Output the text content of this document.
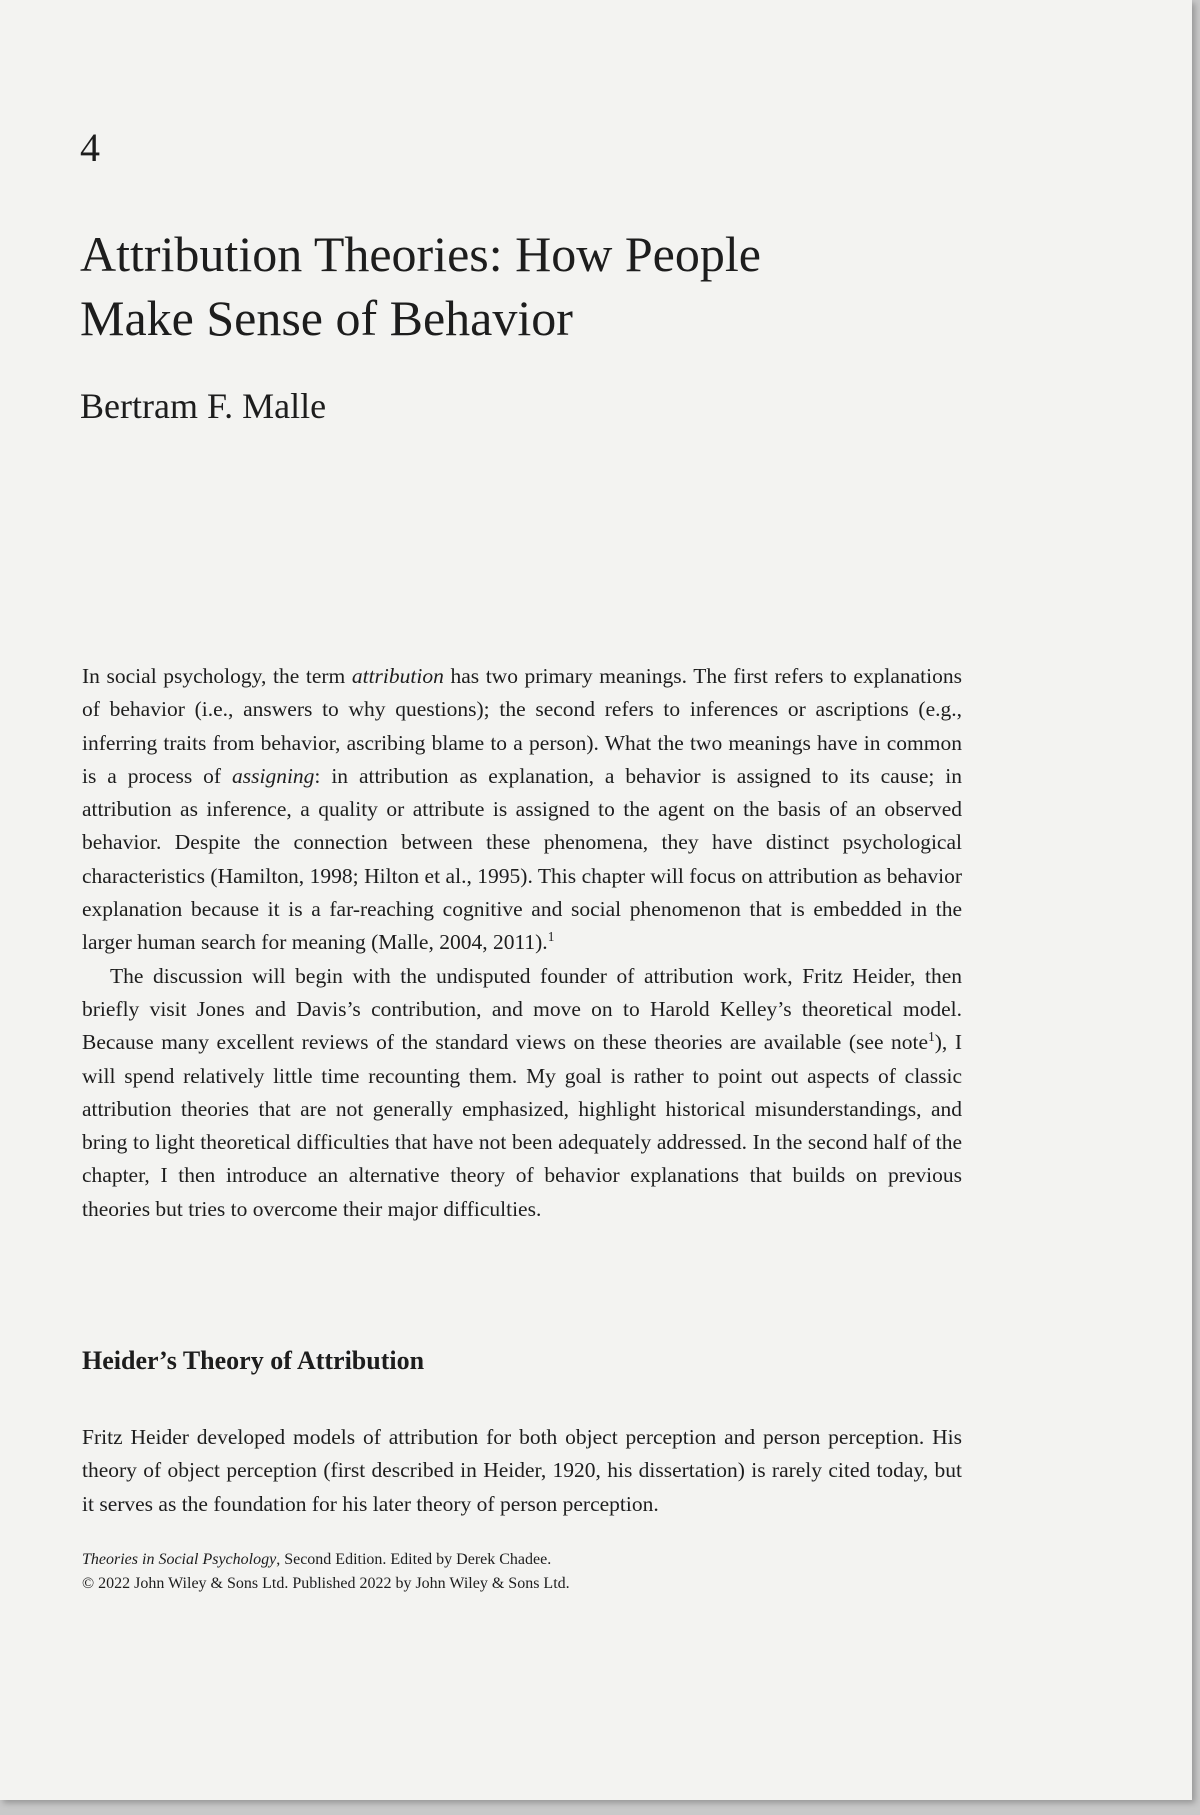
4
Attribution Theories: How People
Make Sense of Behavior
Bertram F. Malle

In social psychology, the term attribution has two primary meanings. The first refers to explanations of behavior (i.e., answers to why questions); the second refers to inferences or ascriptions (e.g., inferring traits from behavior, ascribing blame to a person). What the two meanings have in common is a process of assigning: in attribution as explanation, a behavior is assigned to its cause; in attribution as inference, a quality or attribute is assigned to the agent on the basis of an observed behavior. Despite the connection between these phenomena, they have distinct psychological characteristics (Hamilton, 1998; Hilton et al., 1995). This chapter will focus on attribution as behavior explanation because it is a far-reaching cognitive and social phenomenon that is embedded in the larger human search for meaning (Malle, 2004, 2011).$^1$

The discussion will begin with the undisputed founder of attribution work, Fritz Heider, then briefly visit Jones and Davis’s contribution, and move on to Harold Kelley’s theoretical model. Because many excellent reviews of the standard views on these theories are available (see note$^1$), I will spend relatively little time recounting them. My goal is rather to point out aspects of classic attribution theories that are not generally emphasized, highlight historical misunderstandings, and bring to light theoretical difficulties that have not been adequately addressed. In the second half of the chapter, I then introduce an alternative theory of behavior explanations that builds on previous theories but tries to overcome their major difficulties.

Heider’s Theory of Attribution

Fritz Heider developed models of attribution for both object perception and person perception. His theory of object perception (first described in Heider, 1920, his dissertation) is rarely cited today, but it serves as the foundation for his later theory of person perception.

Theories in Social Psychology, Second Edition. Edited by Derek Chadee.
© 2022 John Wiley & Sons Ltd. Published 2022 by John Wiley & Sons Ltd.
